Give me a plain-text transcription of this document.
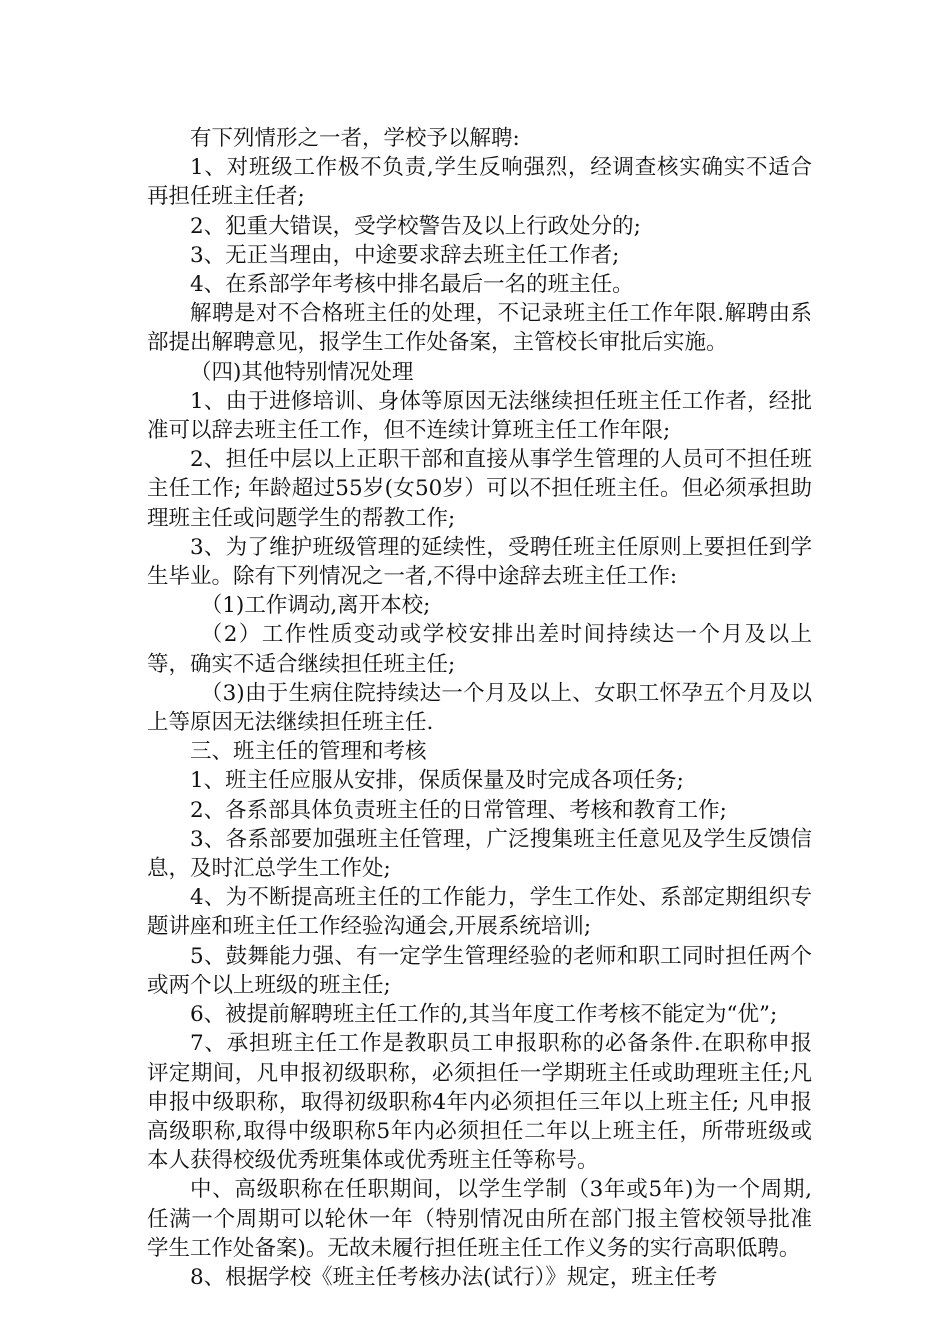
有下列情形之一者，学校予以解聘:

1、对班级工作极不负责,学生反响强烈，经调查核实确实不适合再担任班主任者;

2、犯重大错误，受学校警告及以上行政处分的;

3、无正当理由，中途要求辞去班主任工作者;

4、在系部学年考核中排名最后一名的班主任。

解聘是对不合格班主任的处理，不记录班主任工作年限.解聘由系部提出解聘意见，报学生工作处备案，主管校长审批后实施。

（四)其他特别情况处理

1、由于进修培训、身体等原因无法继续担任班主任工作者，经批准可以辞去班主任工作，但不连续计算班主任工作年限;

2、担任中层以上正职干部和直接从事学生管理的人员可不担任班主任工作; 年龄超过55岁(女50岁）可以不担任班主任。但必须承担助理班主任或问题学生的帮教工作;

3、为了维护班级管理的延续性，受聘任班主任原则上要担任到学生毕业。除有下列情况之一者,不得中途辞去班主任工作:

（1)工作调动,离开本校;

（2）工作性质变动或学校安排出差时间持续达一个月及以上等，确实不适合继续担任班主任;

（3)由于生病住院持续达一个月及以上、女职工怀孕五个月及以上等原因无法继续担任班主任.

三、班主任的管理和考核

1、班主任应服从安排，保质保量及时完成各项任务;

2、各系部具体负责班主任的日常管理、考核和教育工作;

3、各系部要加强班主任管理，广泛搜集班主任意见及学生反馈信息，及时汇总学生工作处;

4、为不断提高班主任的工作能力，学生工作处、系部定期组织专题讲座和班主任工作经验沟通会,开展系统培训;

5、鼓舞能力强、有一定学生管理经验的老师和职工同时担任两个或两个以上班级的班主任;

6、被提前解聘班主任工作的,其当年度工作考核不能定为“优”;

7、承担班主任工作是教职员工申报职称的必备条件.在职称申报评定期间，凡申报初级职称，必须担任一学期班主任或助理班主任;凡申报中级职称，取得初级职称4年内必须担任三年以上班主任; 凡申报高级职称,取得中级职称5年内必须担任二年以上班主任，所带班级或本人获得校级优秀班集体或优秀班主任等称号。

中、高级职称在任职期间，以学生学制（3年或5年)为一个周期,任满一个周期可以轮休一年（特别情况由所在部门报主管校领导批准学生工作处备案)。无故未履行担任班主任工作义务的实行高职低聘。

8、根据学校《班主任考核办法(试行）》规定，班主任考
